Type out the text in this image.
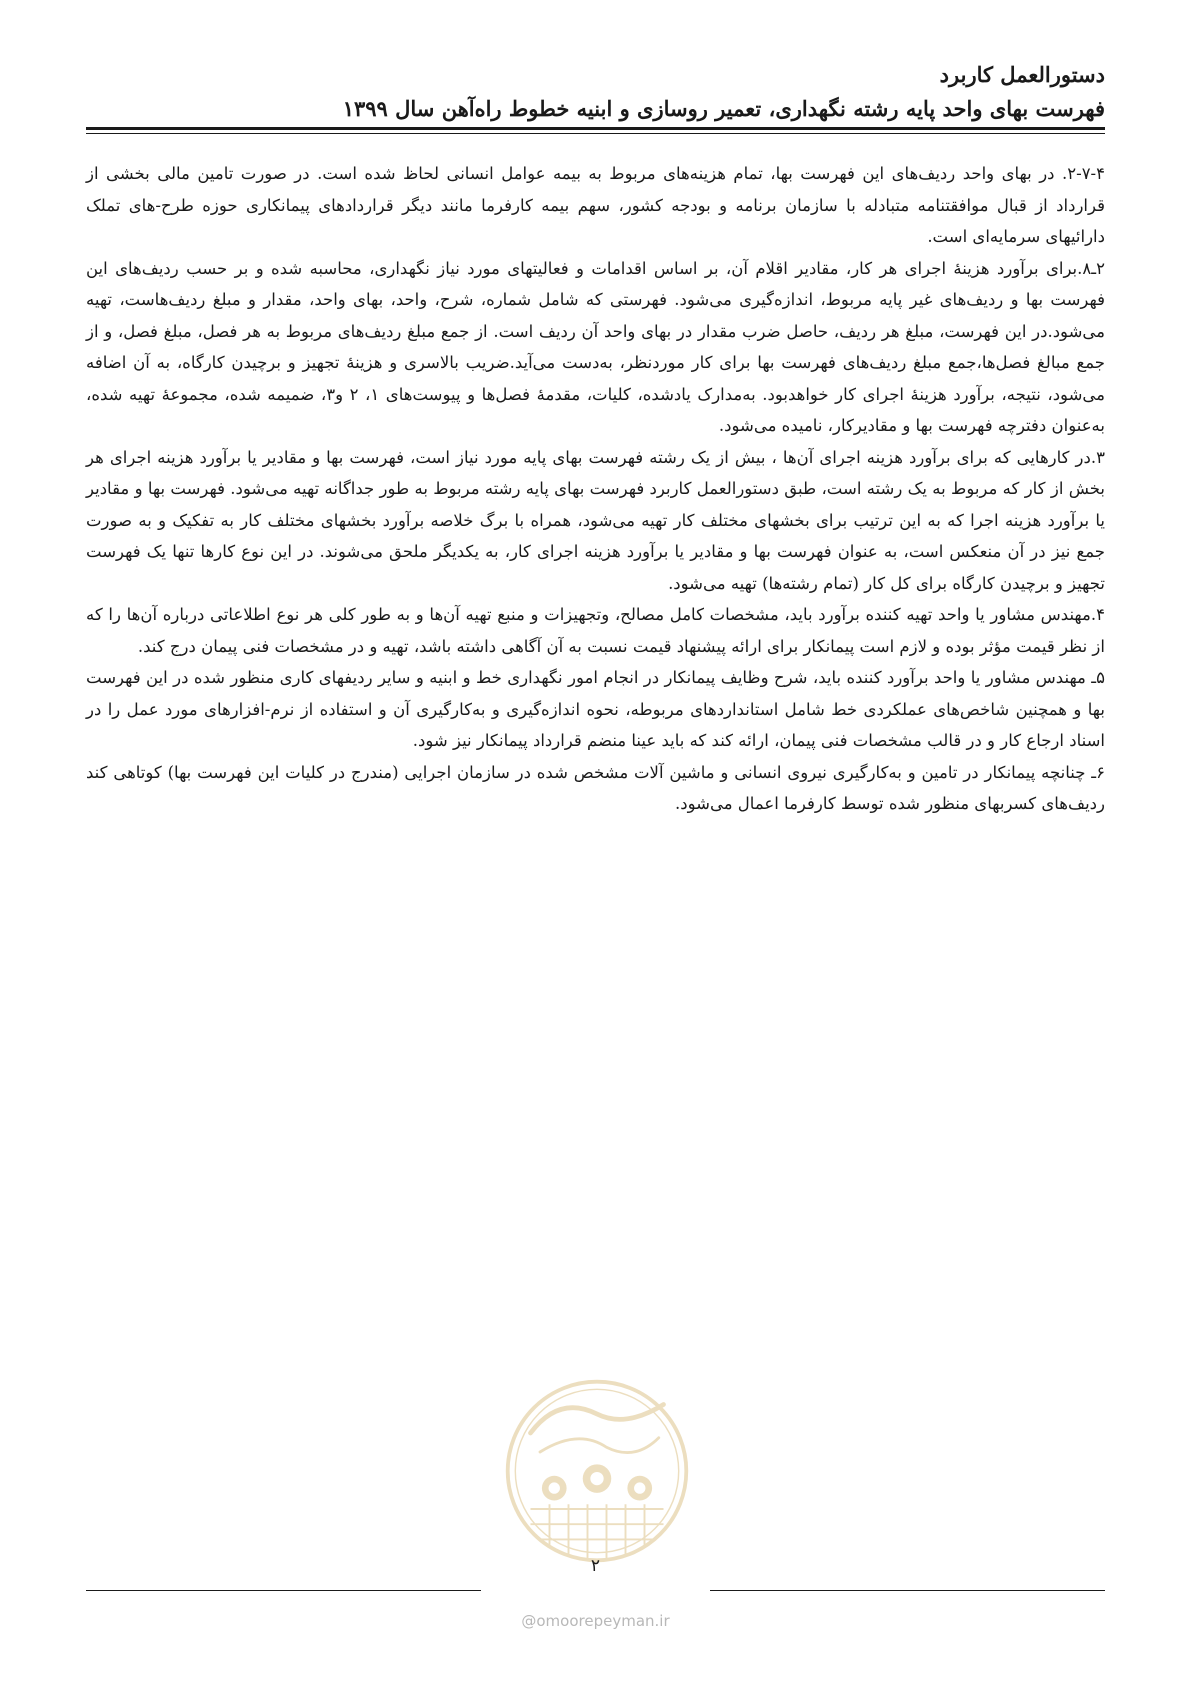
دستورالعمل کاربرد
فهرست بهای واحد پایه رشته نگهداری، تعمیر روسازی و ابنیه خطوط راه‌آهن سال ۱۳۹۹

۲-۷-۴. در بهای واحد ردیف‌های این فهرست بها، تمام هزینه‌های مربوط به بیمه عوامل انسانی لحاظ شده است. در صورت تامین مالی بخشی از قرارداد از قبال موافقتنامه متبادله با سازمان برنامه و بودجه کشور، سهم بیمه کارفرما مانند دیگر قراردادهای پیمانکاری حوزه طرح-های تملک دارائیهای سرمایه‌ای است.

۲ـ۸.برای برآورد هزینهٔ اجرای هر کار، مقادیر اقلام آن، بر اساس اقدامات و فعالیتهای مورد نیاز نگهداری، محاسبه شده و بر حسب ردیف‌های این فهرست بها و ردیف‌های غیر پایه مربوط، اندازه‌گیری می‌شود. فهرستی که شامل شماره، شرح، واحد، بهای واحد، مقدار و مبلغ ردیف‌هاست، تهیه می‌شود.در این فهرست، مبلغ هر ردیف، حاصل ضرب مقدار در بهای واحد آن ردیف است. از جمع مبلغ ردیف‌های مربوط به هر فصل، مبلغ فصل، و از جمع مبالغ فصل‌ها،جمع مبلغ ردیف‌های فهرست بها برای کار موردنظر، به‌دست می‌آید.ضریب بالاسری و هزینهٔ تجهیز و برچیدن کارگاه، به آن اضافه می‌شود، نتیجه، برآورد هزینهٔ اجرای کار خواهدبود. به‌مدارک یادشده، کلیات، مقدمهٔ فصل‌ها و پیوست‌های ۱، ۲ و۳، ضمیمه شده، مجموعهٔ تهیه شده، به‌عنوان دفترچه فهرست بها و مقادیرکار، نامیده می‌شود.

۳.در کارهایی که برای برآورد هزینه اجرای آن‌ها ، بیش از یک رشته فهرست بهای پایه مورد نیاز است، فهرست بها و مقادیر یا برآورد هزینه اجرای هر بخش از کار که مربوط به یک رشته است، طبق دستورالعمل کاربرد فهرست بهای پایه رشته مربوط به طور جداگانه تهیه می‌شود. فهرست بها و مقادیر یا برآورد هزینه اجرا که به این ترتیب برای بخشهای مختلف کار تهیه می‌شود، همراه با برگ خلاصه برآورد بخشهای مختلف کار به تفکیک و به صورت جمع نیز در آن منعکس است، به عنوان فهرست بها و مقادیر یا برآورد هزینه اجرای کار، به یکدیگر ملحق می‌شوند. در این نوع کارها تنها یک فهرست تجهیز و برچیدن کارگاه برای کل کار (تمام رشته‌ها) تهیه می‌شود.

۴.مهندس مشاور یا واحد تهیه کننده برآورد باید، مشخصات کامل مصالح، وتجهیزات و منبع تهیه آن‌ها و به طور کلی هر نوع اطلاعاتی درباره آن‌ها را که از نظر قیمت مؤثر بوده و لازم است پیمانکار برای ارائه پیشنهاد قیمت نسبت به آن آگاهی داشته باشد، تهیه و در مشخصات فنی پیمان درج کند.

۵ـ مهندس مشاور یا واحد برآورد کننده باید، شرح وظایف پیمانکار در انجام امور نگهداری خط و ابنیه و سایر ردیفهای کاری منظور شده در این فهرست بها و همچنین شاخص‌های عملکردی خط شامل استانداردهای مربوطه، نحوه اندازه‌گیری و به‌کارگیری آن و استفاده از نرم-افزارهای مورد عمل را در اسناد ارجاع کار و در قالب مشخصات فنی پیمان، ارائه کند که باید عینا منضم قرارداد پیمانکار نیز شود.

۶ـ چنانچه پیمانکار در تامین و به‌کارگیری نیروی انسانی و ماشین آلات مشخص شده در سازمان اجرایی (مندرج در کلیات این فهرست بها) کوتاهی کند ردیف‌های کسربهای منظور شده توسط کارفرما اعمال می‌شود.

۲
@omoorepeyman.ir
